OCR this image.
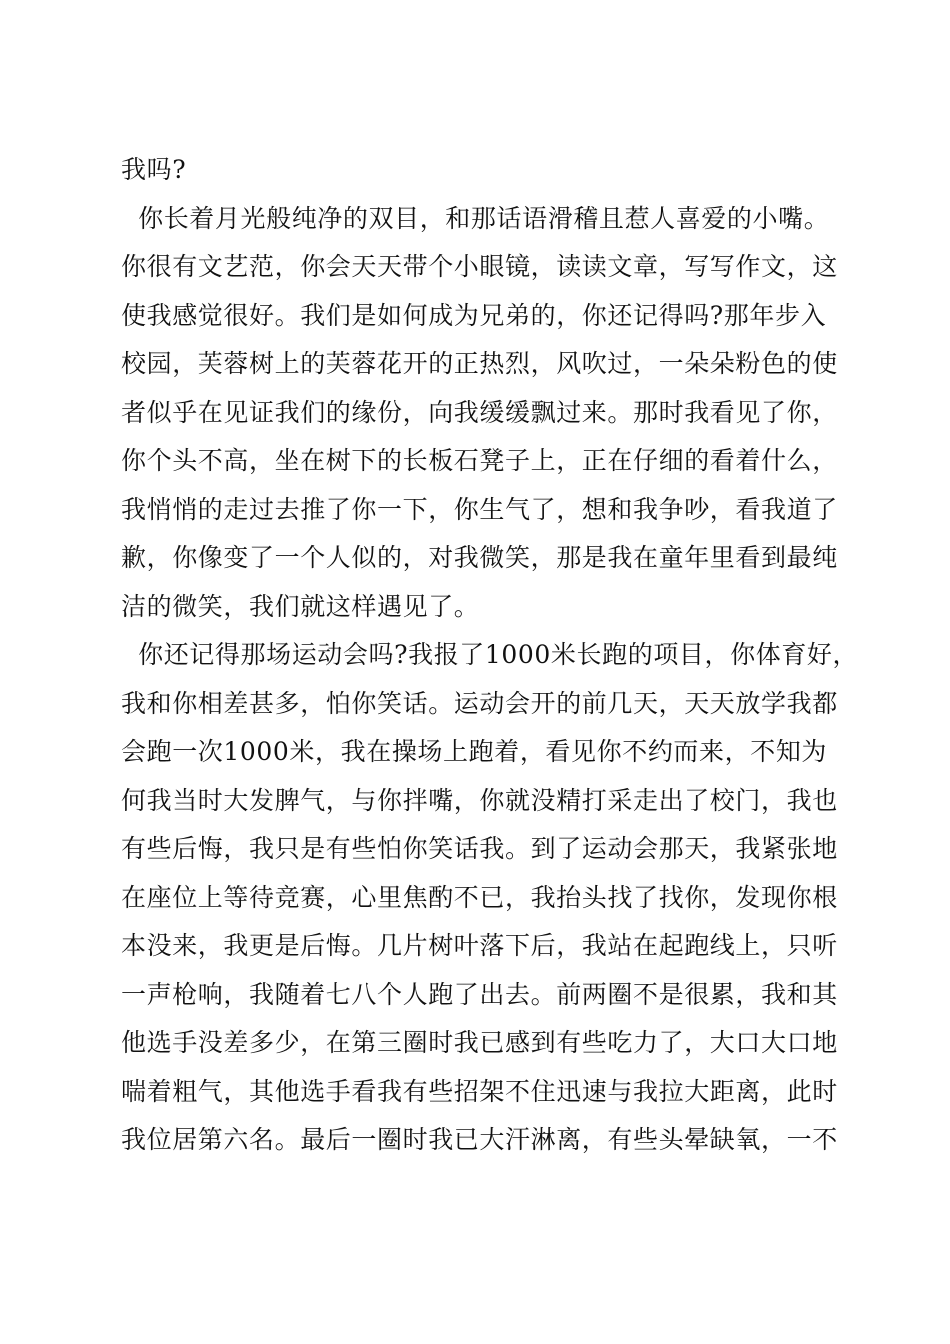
我吗?
你长着月光般纯净的双目，和那话语滑稽且惹人喜爱的小嘴。
你很有文艺范，你会天天带个小眼镜，读读文章，写写作文，这
使我感觉很好。我们是如何成为兄弟的，你还记得吗?那年步入
校园，芙蓉树上的芙蓉花开的正热烈，风吹过，一朵朵粉色的使
者似乎在见证我们的缘份，向我缓缓飘过来。那时我看见了你，
你个头不高，坐在树下的长板石凳子上，正在仔细的看着什么，
我悄悄的走过去推了你一下，你生气了，想和我争吵，看我道了
歉，你像变了一个人似的，对我微笑，那是我在童年里看到最纯
洁的微笑，我们就这样遇见了。
你还记得那场运动会吗?我报了1000米长跑的项目，你体育好，
我和你相差甚多，怕你笑话。运动会开的前几天，天天放学我都
会跑一次1000米，我在操场上跑着，看见你不约而来，不知为
何我当时大发脾气，与你拌嘴，你就没精打采走出了校门，我也
有些后悔，我只是有些怕你笑话我。到了运动会那天，我紧张地
在座位上等待竞赛，心里焦酌不已，我抬头找了找你，发现你根
本没来，我更是后悔。几片树叶落下后，我站在起跑线上，只听
一声枪响，我随着七八个人跑了出去。前两圈不是很累，我和其
他选手没差多少，在第三圈时我已感到有些吃力了，大口大口地
喘着粗气，其他选手看我有些招架不住迅速与我拉大距离，此时
我位居第六名。最后一圈时我已大汗淋离，有些头晕缺氧，一不
